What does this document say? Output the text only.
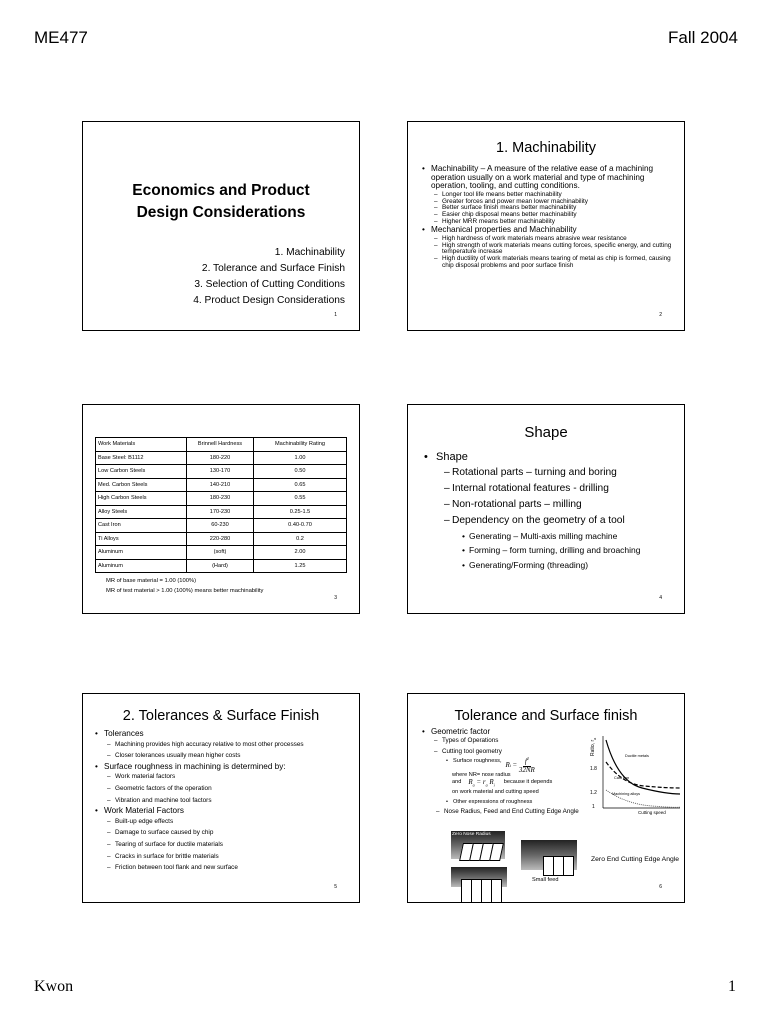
ME477	Fall 2004
Economics and Product
Design Considerations
1. Machinability
2. Tolerance and Surface Finish
3. Selection of Cutting Conditions
4. Product Design Considerations
1
1. Machinability
• Machinability – A measure of the relative ease of a machining operation usually on a work material and type of machining operation, tooling, and cutting conditions.
– Longer tool life means better machinability
– Greater forces and power mean lower machinability
– Better surface finish means better machinability
– Easier chip disposal means better machinability
– Higher MRR means better machinability
• Mechanical properties and Machinability
– High hardness of work materials means abrasive wear resistance
– High strength of work materials means cutting forces, specific energy, and cutting temperature increase
– High ductility of work materials means tearing of metal as chip is formed, causing chip disposal problems and poor surface finish
2
Work Materials	Brinnell Hardness	Machinability Rating
Base Steel: B1112	180-220	1.00
Low Carbon Steels	130-170	0.50
Med. Carbon Steels	140-210	0.65
High Carbon Steels	180-230	0.55
Alloy Steels	170-230	0.25-1.5
Cast Iron	60-230	0.40-0.70
Ti Alloys	220-280	0.2
Aluminum	(soft)	2.00
Aluminum	(Hard)	1.25
MR of base material = 1.00 (100%)
MR of test material > 1.00 (100%) means better machinability
3
Shape
• Shape
– Rotational parts – turning and boring
– Internal rotational features - drilling
– Non-rotational parts – milling
– Dependency on the geometry of a tool
• Generating – Multi-axis milling machine
• Forming – form turning, drilling and broaching
• Generating/Forming (threading)
4
2. Tolerances & Surface Finish
• Tolerances
– Machining provides high accuracy relative to most other processes
– Closer tolerances usually mean higher costs
• Surface roughness in machining is determined by:
– Work material factors
– Geometric factors of the operation
– Vibration and machine tool factors
• Work Material Factors
– Built-up edge effects
– Damage to surface caused by chip
– Tearing of surface for ductile materials
– Cracks in surface for brittle materials
– Friction between tool flank and new surface
5
Tolerance and Surface finish
• Geometric factor
– Types of Operations
– Cutting tool geometry
• Surface roughness, R $i = \frac{f^2}{32NR}$
where NR= nose radius
and $R_a = r_a$ $R_i$ because it depends
on work material and cutting speed
• Other expressions of roughness
– Nose Radius, Feed and End Cutting Edge Angle
Ratio, $r_a$
1.8
1.2
1
Ductile metals
Cast iron
Machining alloys
Cutting speed
Zero Nose Radius
Zero End Cutting Edge Angle
Small feed
6
Kwon	1
